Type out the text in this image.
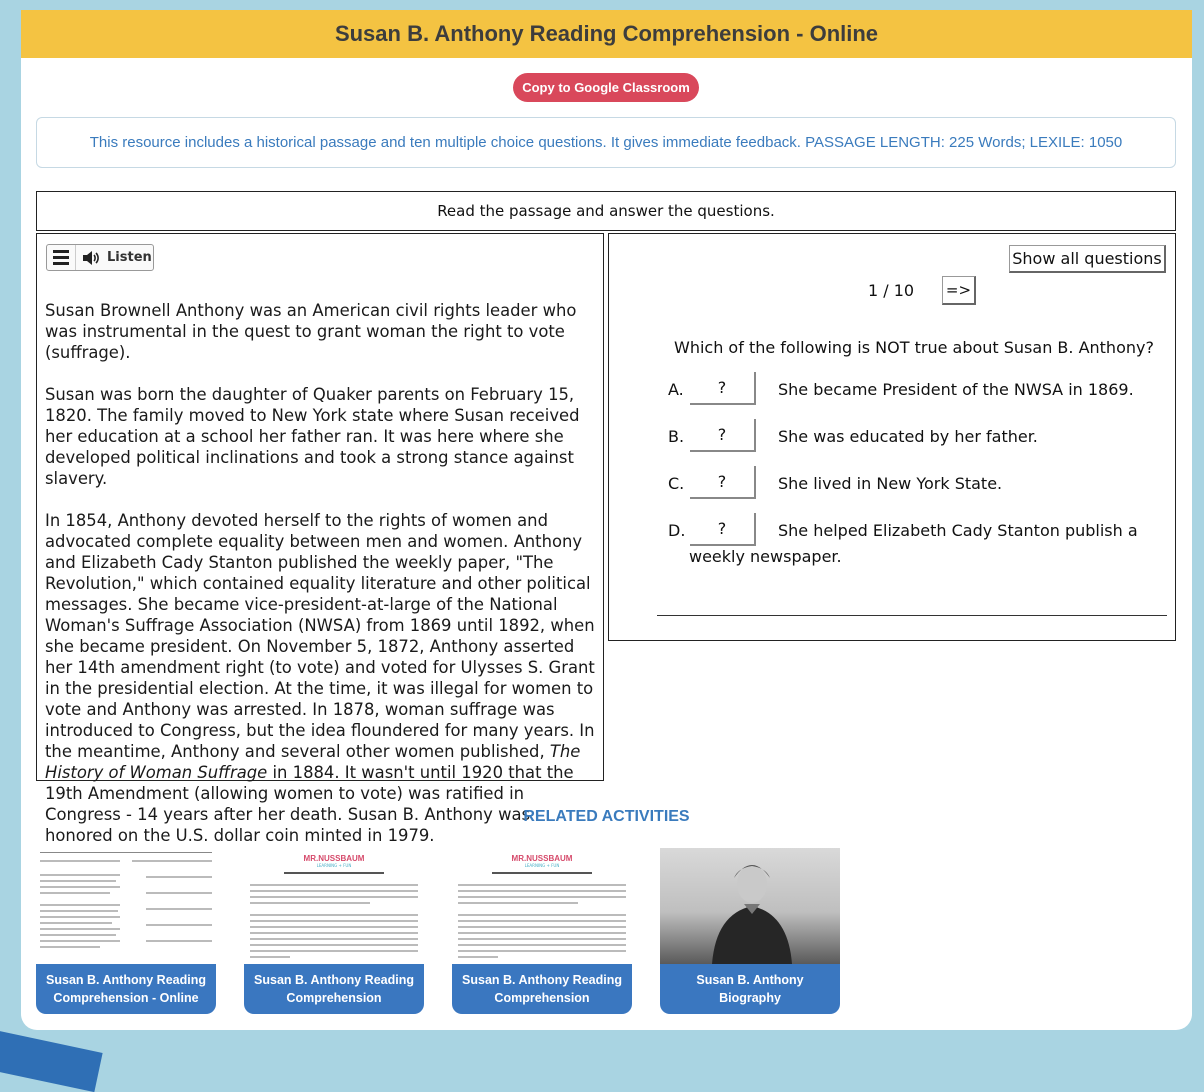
Susan B. Anthony Reading Comprehension - Online
Copy to Google Classroom
This resource includes a historical passage and ten multiple choice questions. It gives immediate feedback. PASSAGE LENGTH: 225 Words; LEXILE: 1050
Read the passage and answer the questions.
Listen

Susan Brownell Anthony was an American civil rights leader who was instrumental in the quest to grant woman the right to vote (suffrage).

Susan was born the daughter of Quaker parents on February 15, 1820. The family moved to New York state where Susan received her education at a school her father ran. It was here where she developed political inclinations and took a strong stance against slavery.

In 1854, Anthony devoted herself to the rights of women and advocated complete equality between men and women. Anthony and Elizabeth Cady Stanton published the weekly paper, "The Revolution," which contained equality literature and other political messages. She became vice-president-at-large of the National Woman's Suffrage Association (NWSA) from 1869 until 1892, when she became president. On November 5, 1872, Anthony asserted her 14th amendment right (to vote) and voted for Ulysses S. Grant in the presidential election. At the time, it was illegal for women to vote and Anthony was arrested. In 1878, woman suffrage was introduced to Congress, but the idea floundered for many years. In the meantime, Anthony and several other women published, The History of Woman Suffrage in 1884. It wasn't until 1920 that the 19th Amendment (allowing women to vote) was ratified in Congress - 14 years after her death. Susan B. Anthony was honored on the U.S. dollar coin minted in 1979.

Show all questions
1 / 10 =>
Which of the following is NOT true about Susan B. Anthony?
A.	?	She became President of the NWSA in 1869.
B.	?	She was educated by her father.
C.	?	She lived in New York State.
D.	?	She helped Elizabeth Cady Stanton publish a
weekly newspaper.
RELATED ACTIVITIES
Susan B. Anthony Reading Comprehension - Online
MR.NUSSBAUM
LEARNING + FUN
Susan B. Anthony Reading Comprehension
MR.NUSSBAUM
LEARNING + FUN
Susan B. Anthony Reading Comprehension
Susan B. Anthony Biography
